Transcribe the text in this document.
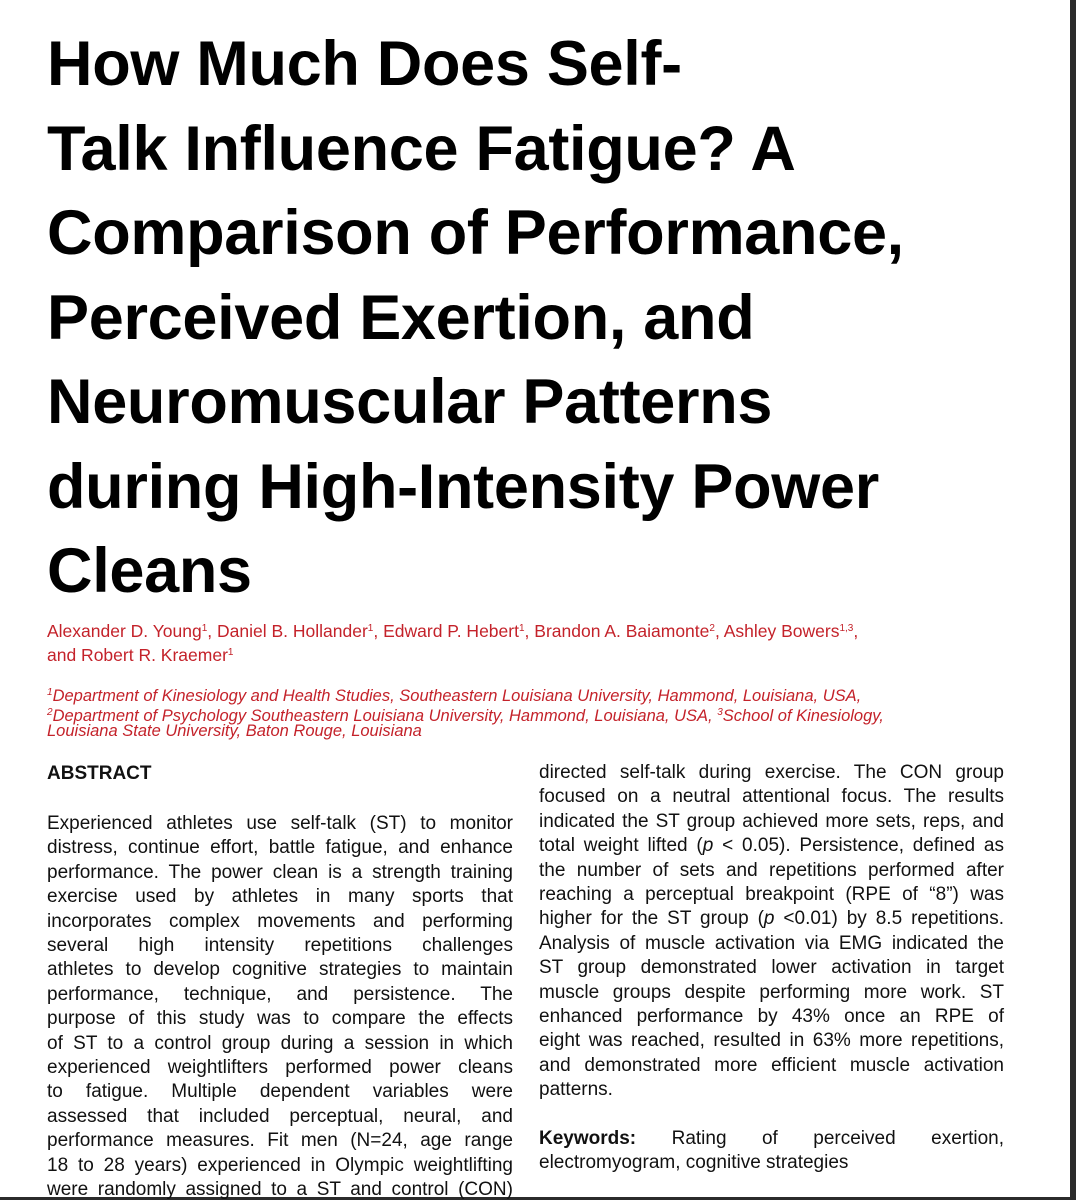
How Much Does Self-
Talk Influence Fatigue? A
Comparison of Performance,
Perceived Exertion, and
Neuromuscular Patterns
during High-Intensity Power
Cleans
Alexander D. Young$^1$, Daniel B. Hollander$^1$, Edward P. Hebert$^1$, Brandon A. Baiamonte$^2$, Ashley Bowers$^{1,3}$,
and Robert R. Kraemer$^1$
$^1$Department of Kinesiology and Health Studies, Southeastern Louisiana University, Hammond, Louisiana, USA,
$^2$Department of Psychology Southeastern Louisiana University, Hammond, Louisiana, USA, $^3$School of Kinesiology,
Louisiana State University, Baton Rouge, Louisiana
ABSTRACT
Experienced athletes use self-talk (ST) to monitor
distress, continue effort, battle fatigue, and enhance
performance. The power clean is a strength training
exercise used by athletes in many sports that
incorporates complex movements and performing
several high intensity repetitions challenges
athletes to develop cognitive strategies to maintain
performance, technique, and persistence. The
purpose of this study was to compare the effects
of ST to a control group during a session in which
experienced weightlifters performed power cleans
to fatigue. Multiple dependent variables were
assessed that included perceptual, neural, and
performance measures. Fit men (N=24, age range
18 to 28 years) experienced in Olympic weightlifting
were randomly assigned to a ST and control (CON)
directed self-talk during exercise. The CON group
focused on a neutral attentional focus. The results
indicated the ST group achieved more sets, reps, and
total weight lifted (p < 0.05). Persistence, defined as
the number of sets and repetitions performed after
reaching a perceptual breakpoint (RPE of “8”) was
higher for the ST group (p <0.01) by 8.5 repetitions.
Analysis of muscle activation via EMG indicated the
ST group demonstrated lower activation in target
muscle groups despite performing more work. ST
enhanced performance by 43% once an RPE of
eight was reached, resulted in 63% more repetitions,
and demonstrated more efficient muscle activation
patterns.
Keywords: Rating of perceived exertion,
electromyogram, cognitive strategies
